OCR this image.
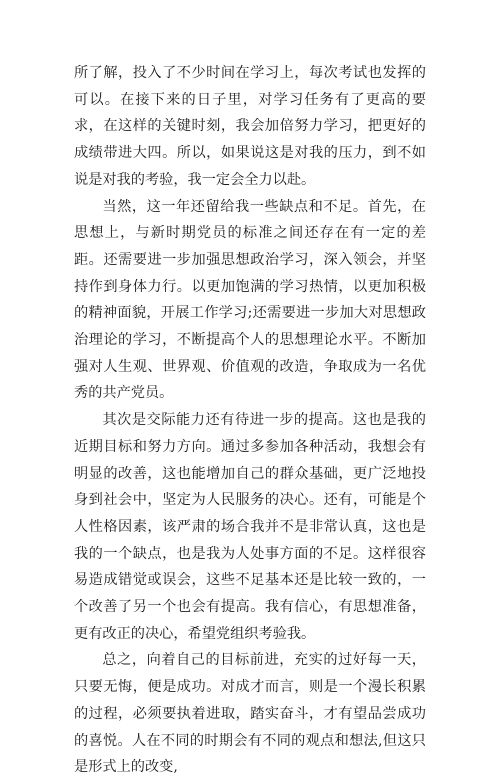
所了解，投入了不少时间在学习上，每次考试也发挥的可以。在接下来的日子里，对学习任务有了更高的要求，在这样的关键时刻，我会加倍努力学习，把更好的成绩带进大四。所以，如果说这是对我的压力，到不如说是对我的考验，我一定会全力以赴。

当然，这一年还留给我一些缺点和不足。首先，在思想上，与新时期党员的标准之间还存在有一定的差距。还需要进一步加强思想政治学习，深入领会，并坚持作到身体力行。以更加饱满的学习热情，以更加积极的精神面貌，开展工作学习;还需要进一步加大对思想政治理论的学习，不断提高个人的思想理论水平。不断加强对人生观、世界观、价值观的改造，争取成为一名优秀的共产党员。

其次是交际能力还有待进一步的提高。这也是我的近期目标和努力方向。通过多参加各种活动，我想会有明显的改善，这也能增加自己的群众基础，更广泛地投身到社会中，坚定为人民服务的决心。还有，可能是个人性格因素，该严肃的场合我并不是非常认真，这也是我的一个缺点，也是我为人处事方面的不足。这样很容易造成错觉或误会，这些不足基本还是比较一致的，一个改善了另一个也会有提高。我有信心，有思想准备，更有改正的决心，希望党组织考验我。

总之，向着自己的目标前进，充实的过好每一天，只要无悔，便是成功。对成才而言，则是一个漫长积累的过程，必须要执着进取，踏实奋斗，才有望品尝成功的喜悦。人在不同的时期会有不同的观点和想法,但这只是形式上的改变,
